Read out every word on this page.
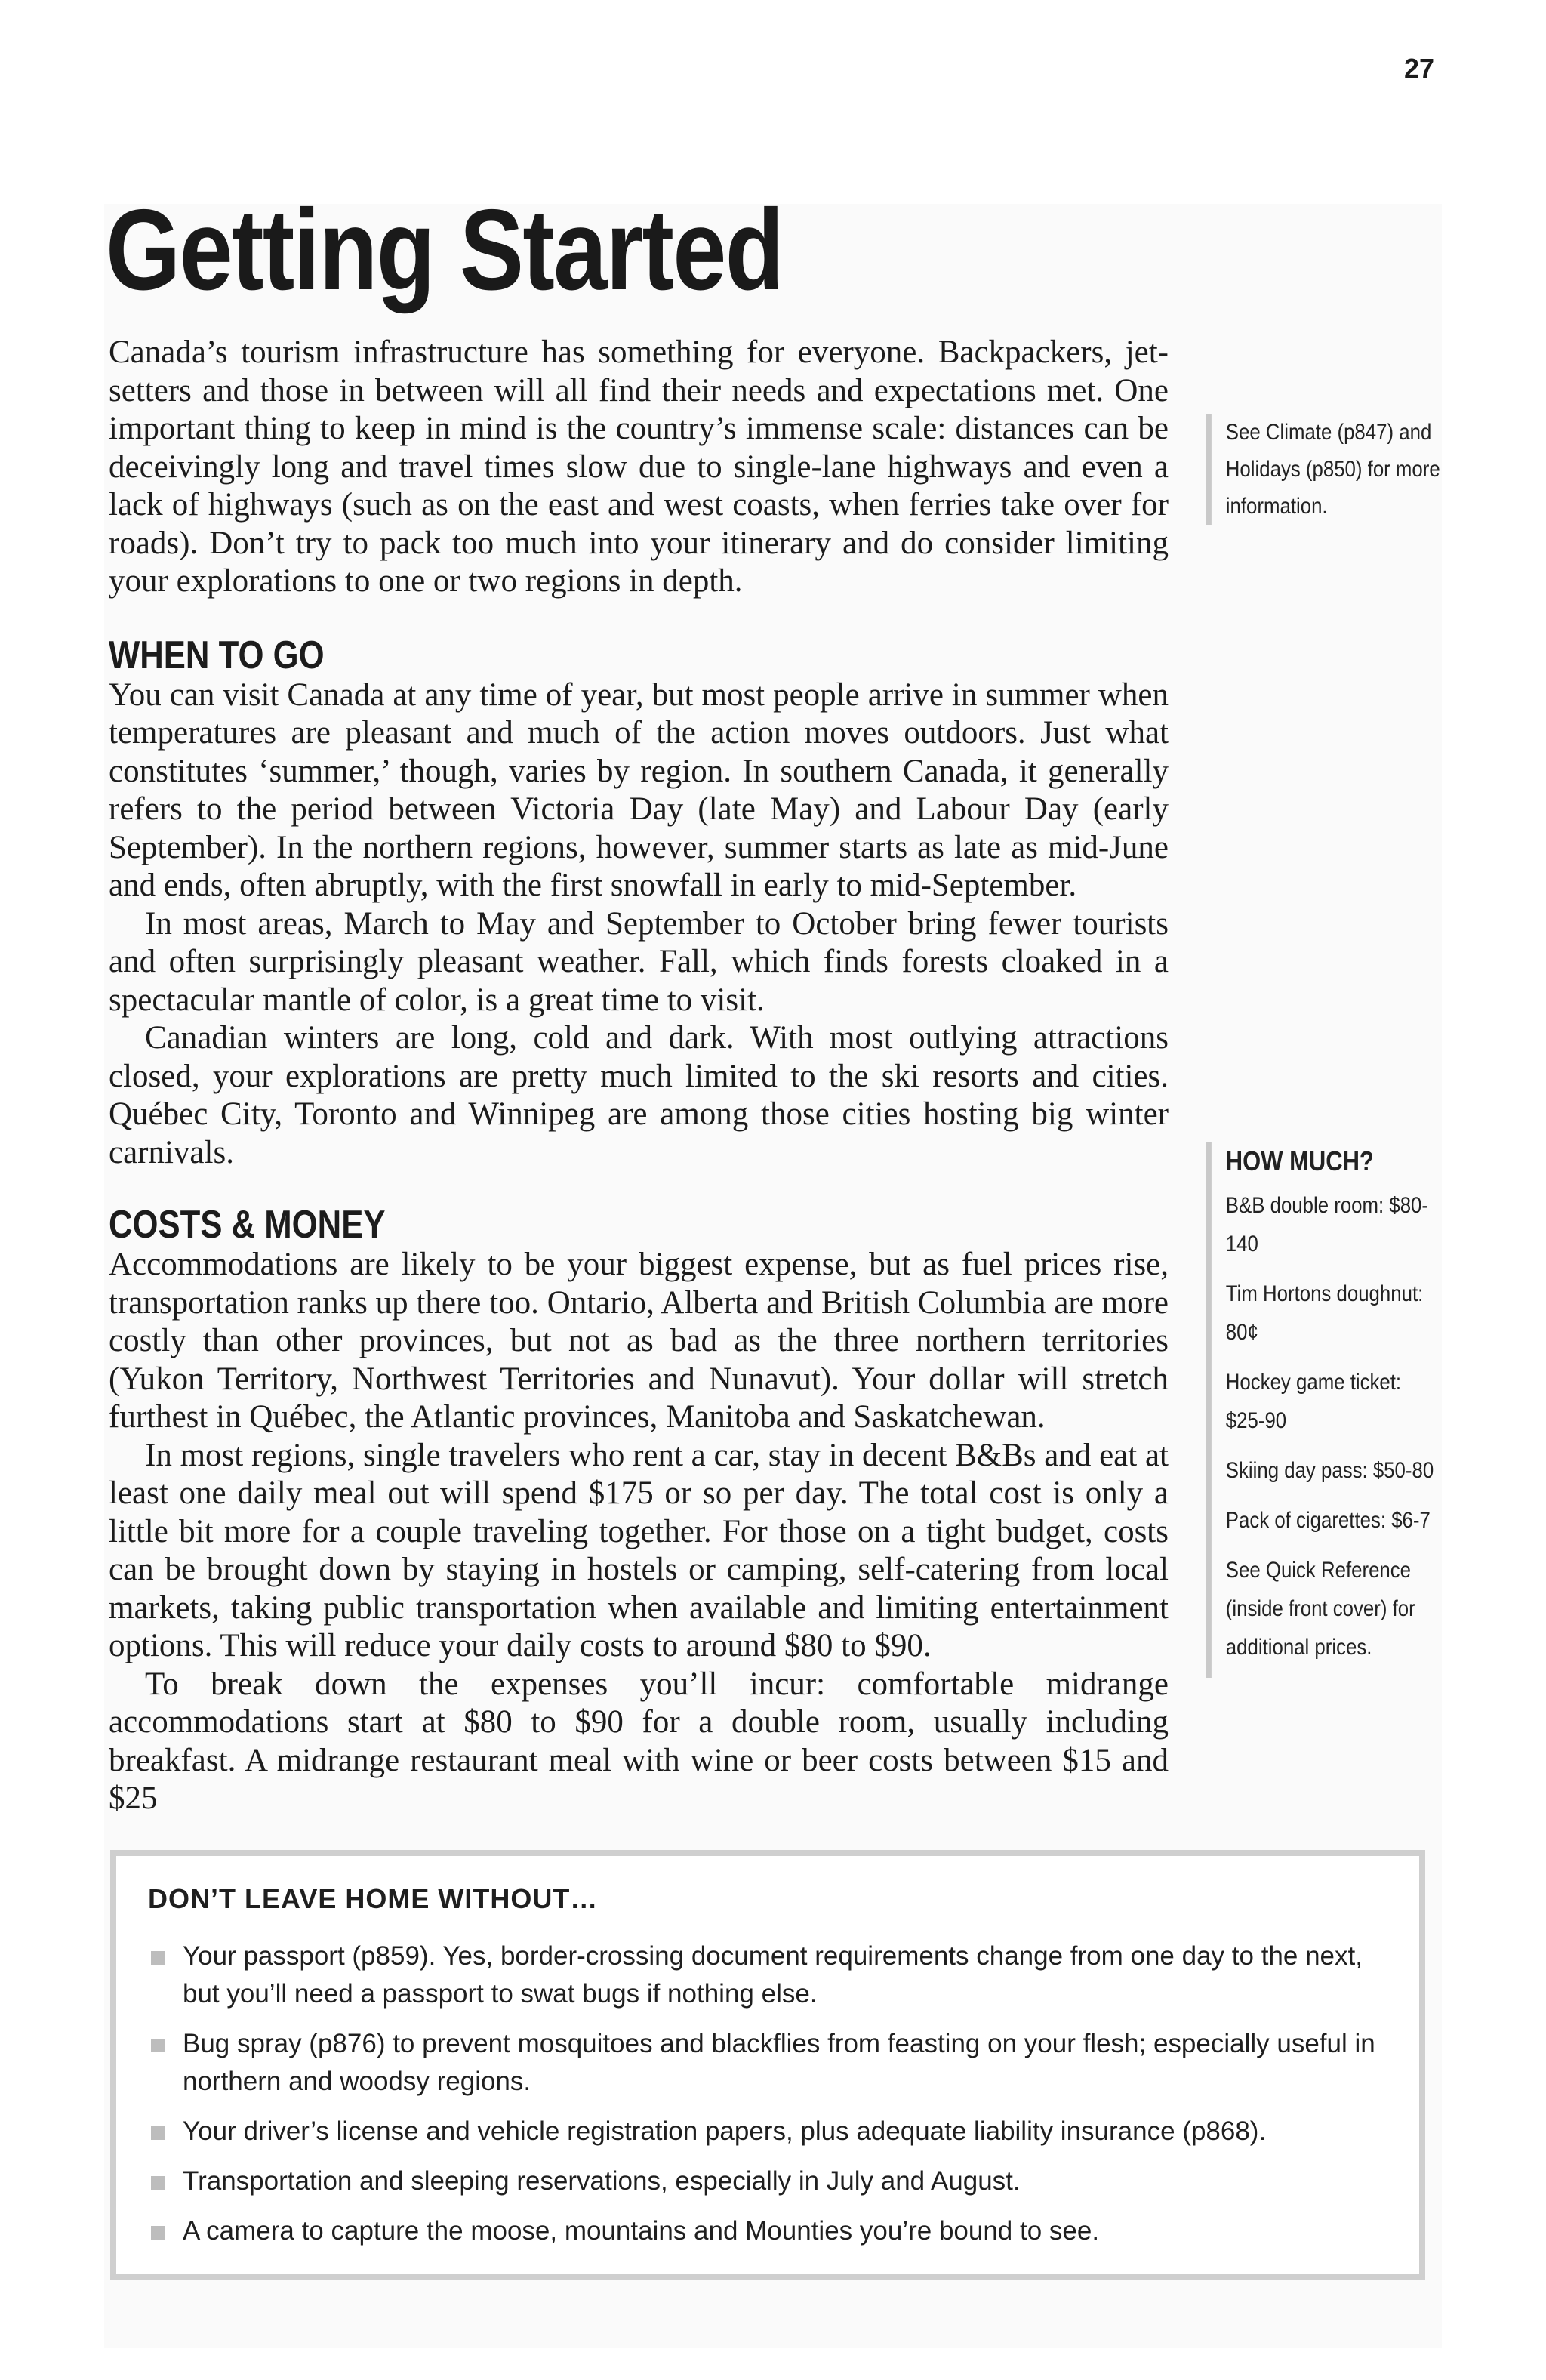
27
Getting Started

Canada’s tourism infrastructure has something for everyone. Backpackers, jet-setters and those in between will all find their needs and expectations met. One important thing to keep in mind is the country’s immense scale: distances can be deceivingly long and travel times slow due to single-lane highways and even a lack of highways (such as on the east and west coasts, when ferries take over for roads). Don’t try to pack too much into your itinerary and do consider limiting your explorations to one or two regions in depth.

WHEN TO GO

You can visit Canada at any time of year, but most people arrive in summer when temperatures are pleasant and much of the action moves outdoors. Just what constitutes ‘summer,’ though, varies by region. In southern Canada, it generally refers to the period between Victoria Day (late May) and Labour Day (early September). In the northern regions, however, summer starts as late as mid-June and ends, often abruptly, with the first snowfall in early to mid-September.

In most areas, March to May and September to October bring fewer tourists and often surprisingly pleasant weather. Fall, which finds forests cloaked in a spectacular mantle of color, is a great time to visit.

Canadian winters are long, cold and dark. With most outlying attractions closed, your explorations are pretty much limited to the ski resorts and cities. Québec City, Toronto and Winnipeg are among those cities hosting big winter carnivals.

COSTS & MONEY

Accommodations are likely to be your biggest expense, but as fuel prices rise, transportation ranks up there too. Ontario, Alberta and British Columbia are more costly than other provinces, but not as bad as the three northern territories (Yukon Territory, Northwest Territories and Nunavut). Your dollar will stretch furthest in Québec, the Atlantic provinces, Manitoba and Saskatchewan.

In most regions, single travelers who rent a car, stay in decent B&Bs and eat at least one daily meal out will spend $175 or so per day. The total cost is only a little bit more for a couple traveling together. For those on a tight budget, costs can be brought down by staying in hostels or camping, self-catering from local markets, taking public transportation when available and limiting entertainment options. This will reduce your daily costs to around $80 to $90.

To break down the expenses you’ll incur: comfortable midrange accommodations start at $80 to $90 for a double room, usually including breakfast. A midrange restaurant meal with wine or beer costs between $15 and $25

See Climate (p847) and Holidays (p850) for more information.
HOW MUCH?
B&B double room: $80-140
Tim Hortons doughnut: 80¢
Hockey game ticket: $25-90
Skiing day pass: $50-80
Pack of cigarettes: $6-7
See Quick Reference (inside front cover) for additional prices.
DON’T LEAVE HOME WITHOUT…
Your passport (p859). Yes, border-crossing document requirements change from one day to the next, but you’ll need a passport to swat bugs if nothing else.
Bug spray (p876) to prevent mosquitoes and blackflies from feasting on your flesh; especially useful in northern and woodsy regions.
Your driver’s license and vehicle registration papers, plus adequate liability insurance (p868).
Transportation and sleeping reservations, especially in July and August.
A camera to capture the moose, mountains and Mounties you’re bound to see.
